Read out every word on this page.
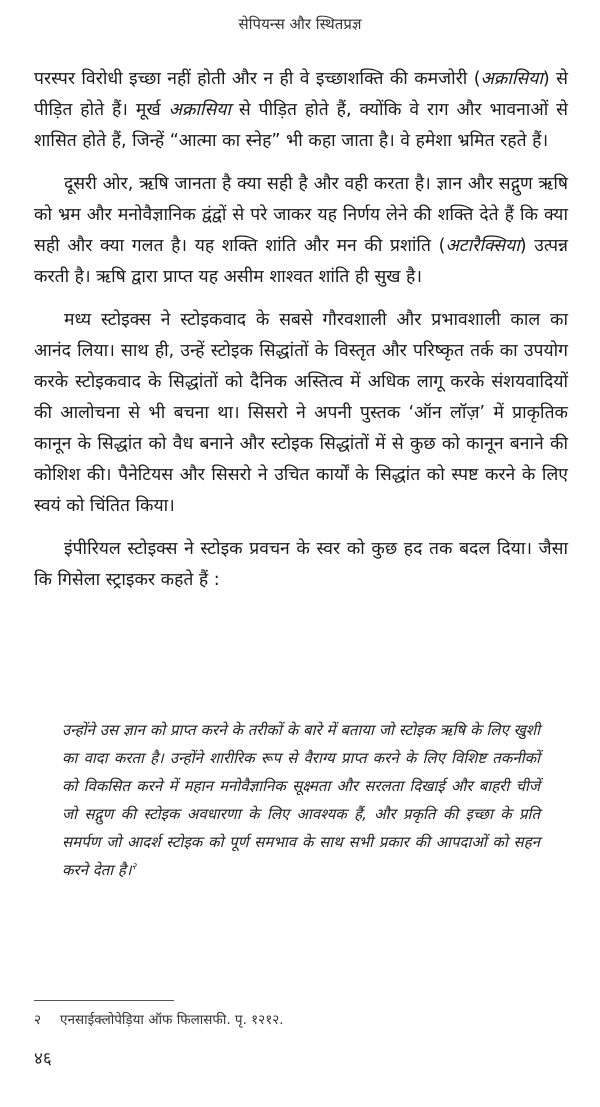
सेपियन्स और स्थितप्रज्ञ

परस्पर विरोधी इच्छा नहीं होती और न ही वे इच्छाशक्ति की कमजोरी (अक्रासिया) से पीड़ित होते हैं। मूर्ख अक्रासिया से पीड़ित होते हैं, क्योंकि वे राग और भावनाओं से शासित होते हैं, जिन्हें “आत्मा का स्नेह” भी कहा जाता है। वे हमेशा भ्रमित रहते हैं।

दूसरी ओर, ऋषि जानता है क्या सही है और वही करता है। ज्ञान और सद्गुण ऋषि को भ्रम और मनोवैज्ञानिक द्वंद्वों से परे जाकर यह निर्णय लेने की शक्ति देते हैं कि क्या सही और क्या गलत है। यह शक्ति शांति और मन की प्रशांति (अटारैक्सिया) उत्पन्न करती है। ऋषि द्वारा प्राप्त यह असीम शाश्वत शांति ही सुख है।

मध्य स्टोइक्स ने स्टोइकवाद के सबसे गौरवशाली और प्रभावशाली काल का आनंद लिया। साथ ही, उन्हें स्टोइक सिद्धांतों के विस्तृत और परिष्कृत तर्क का उपयोग करके स्टोइकवाद के सिद्धांतों को दैनिक अस्तित्व में अधिक लागू करके संशयवादियों की आलोचना से भी बचना था। सिसरो ने अपनी पुस्तक ‘ऑन लॉज़’ में प्राकृतिक कानून के सिद्धांत को वैध बनाने और स्टोइक सिद्धांतों में से कुछ को कानून बनाने की कोशिश की। पैनेटियस और सिसरो ने उचित कार्यों के सिद्धांत को स्पष्ट करने के लिए स्वयं को चिंतित किया।

इंपीरियल स्टोइक्स ने स्टोइक प्रवचन के स्वर को कुछ हद तक बदल दिया। जैसा कि गिसेला स्ट्राइकर कहते हैं :

उन्होंने उस ज्ञान को प्राप्त करने के तरीकों के बारे में बताया जो स्टोइक ऋषि के लिए खुशी का वादा करता है। उन्होंने शारीरिक रूप से वैराग्य प्राप्त करने के लिए विशिष्ट तकनीकों को विकसित करने में महान मनोवैज्ञानिक सूक्ष्मता और सरलता दिखाई और बाहरी चीजें जो सद्गुण की स्टोइक अवधारणा के लिए आवश्यक हैं, और प्रकृति की इच्छा के प्रति समर्पण जो आदर्श स्टोइक को पूर्ण समभाव के साथ सभी प्रकार की आपदाओं को सहन करने देता है।$^२$

२ एनसाईक्लोपेड़िया ऑफ फिलासफी. पृ. १२१२.
४६
